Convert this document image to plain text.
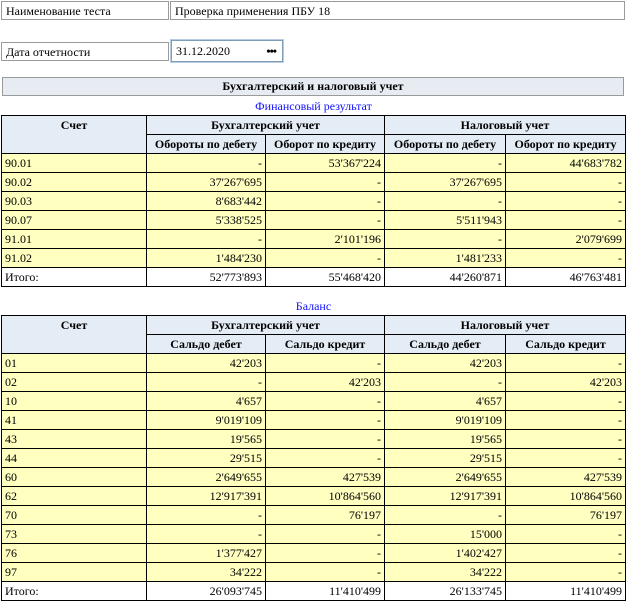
Наименование теста	Проверка применения ПБУ 18
Дата отчетности	31.12.2020	•••
Бухгалтерский и налоговый учет
Финансовый результат
Счет	Бухгалтерский учет		Налоговый учет	
	Обороты по дебету	Оборот по кредиту	Обороты по дебету	Оборот по кредиту
90.01	-	53'367'224	-	44'683'782
90.02	37'267'695	-	37'267'695	-
90.03	8'683'442	-	-	-
90.07	5'338'525	-	5'511'943	-
91.01	-	2'101'196	-	2'079'699
91.02	1'484'230	-	1'481'233	-
Итого:	52'773'893	55'468'420	44'260'871	46'763'481
Баланс
Счет	Бухгалтерский учет		Налоговый учет	
	Сальдо дебет	Сальдо кредит	Сальдо дебет	Сальдо кредит
01	42'203	-	42'203	-
02	-	42'203	-	42'203
10	4'657	-	4'657	-
41	9'019'109	-	9'019'109	-
43	19'565	-	19'565	-
44	29'515	-	29'515	-
60	2'649'655	427'539	2'649'655	427'539
62	12'917'391	10'864'560	12'917'391	10'864'560
70	-	76'197	-	76'197
73	-	-	15'000	-
76	1'377'427	-	1'402'427	-
97	34'222	-	34'222	-
Итого:	26'093'745	11'410'499	26'133'745	11'410'499
